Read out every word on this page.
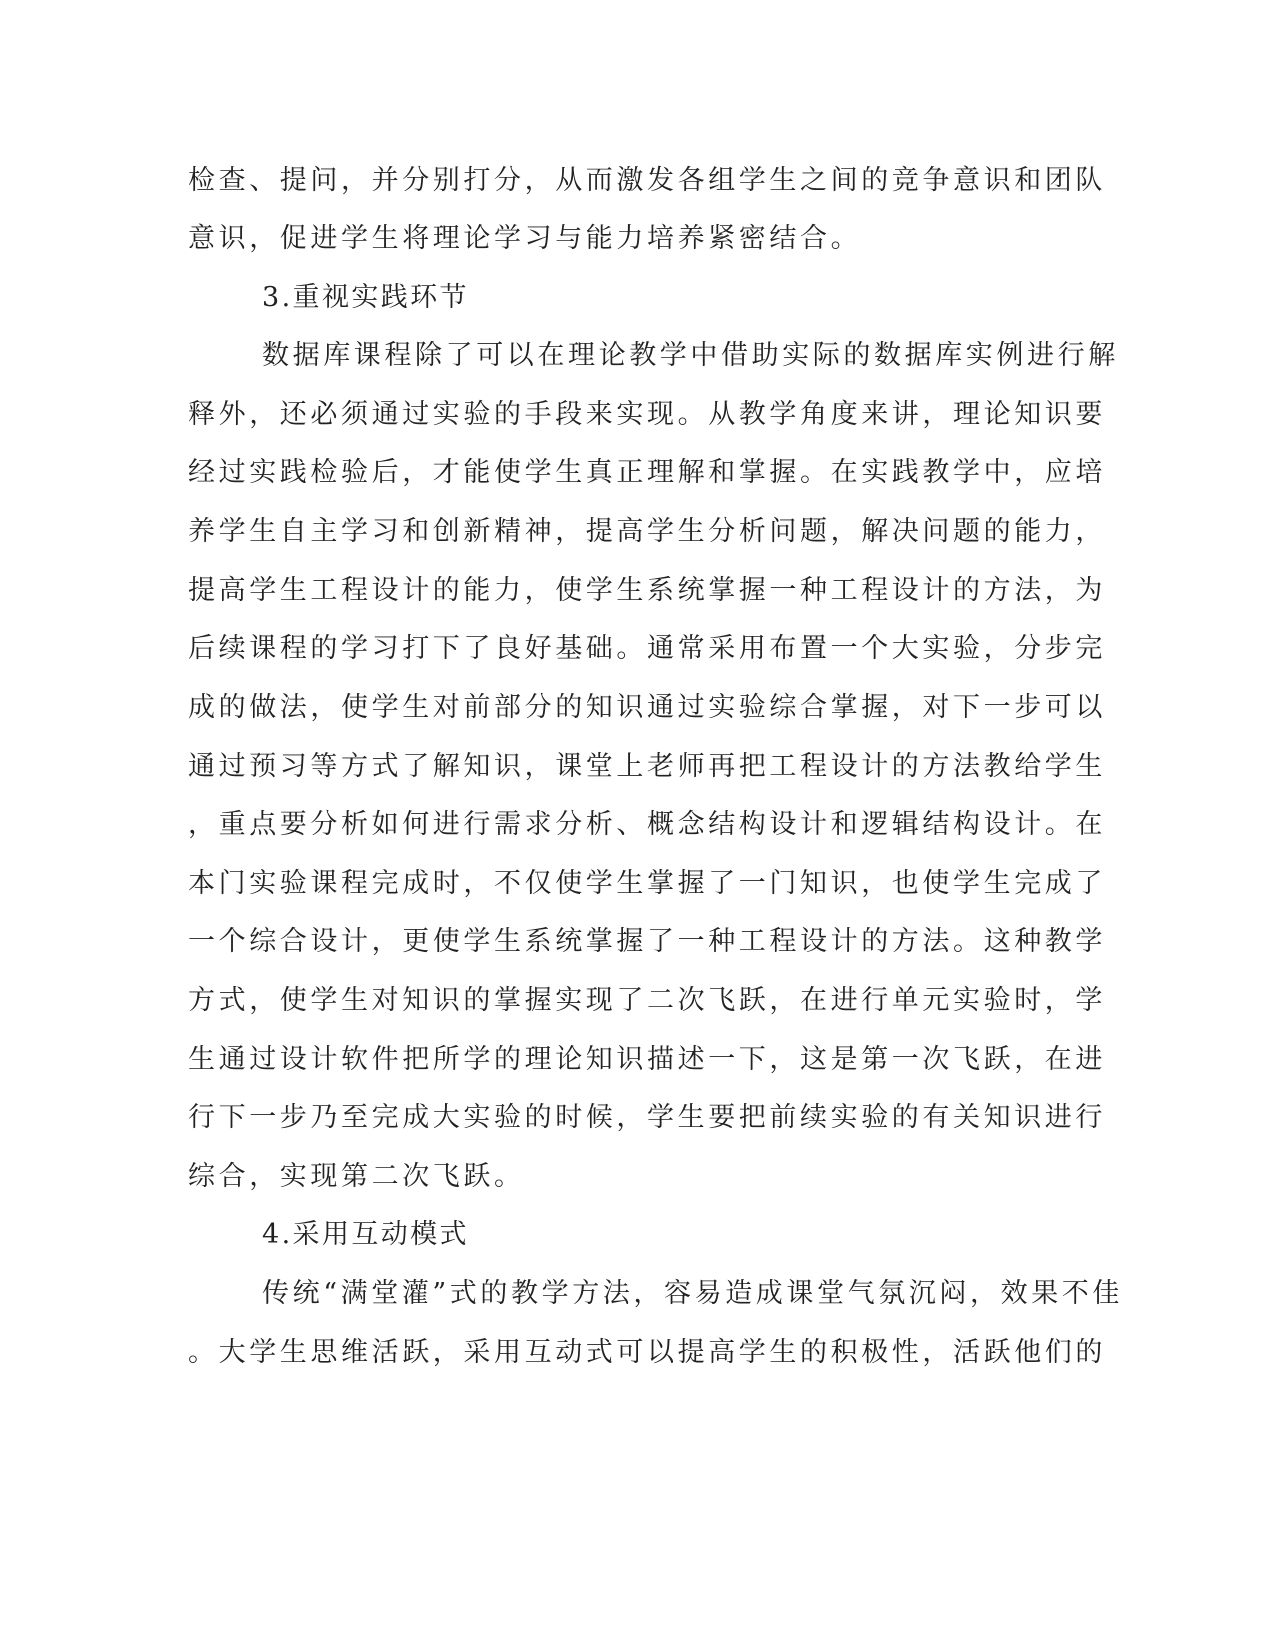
检查、提问，并分别打分，从而激发各组学生之间的竞争意识和团队
意识，促进学生将理论学习与能力培养紧密结合。
3.重视实践环节
数据库课程除了可以在理论教学中借助实际的数据库实例进行解
释外，还必须通过实验的手段来实现。从教学角度来讲，理论知识要
经过实践检验后，才能使学生真正理解和掌握。在实践教学中，应培
养学生自主学习和创新精神，提高学生分析问题，解决问题的能力，
提高学生工程设计的能力，使学生系统掌握一种工程设计的方法，为
后续课程的学习打下了良好基础。通常采用布置一个大实验，分步完
成的做法，使学生对前部分的知识通过实验综合掌握，对下一步可以
通过预习等方式了解知识，课堂上老师再把工程设计的方法教给学生
，重点要分析如何进行需求分析、概念结构设计和逻辑结构设计。在
本门实验课程完成时，不仅使学生掌握了一门知识，也使学生完成了
一个综合设计，更使学生系统掌握了一种工程设计的方法。这种教学
方式，使学生对知识的掌握实现了二次飞跃，在进行单元实验时，学
生通过设计软件把所学的理论知识描述一下，这是第一次飞跃，在进
行下一步乃至完成大实验的时候，学生要把前续实验的有关知识进行
综合，实现第二次飞跃。
4.采用互动模式
传统“满堂灌”式的教学方法，容易造成课堂气氛沉闷，效果不佳
。大学生思维活跃，采用互动式可以提高学生的积极性，活跃他们的
